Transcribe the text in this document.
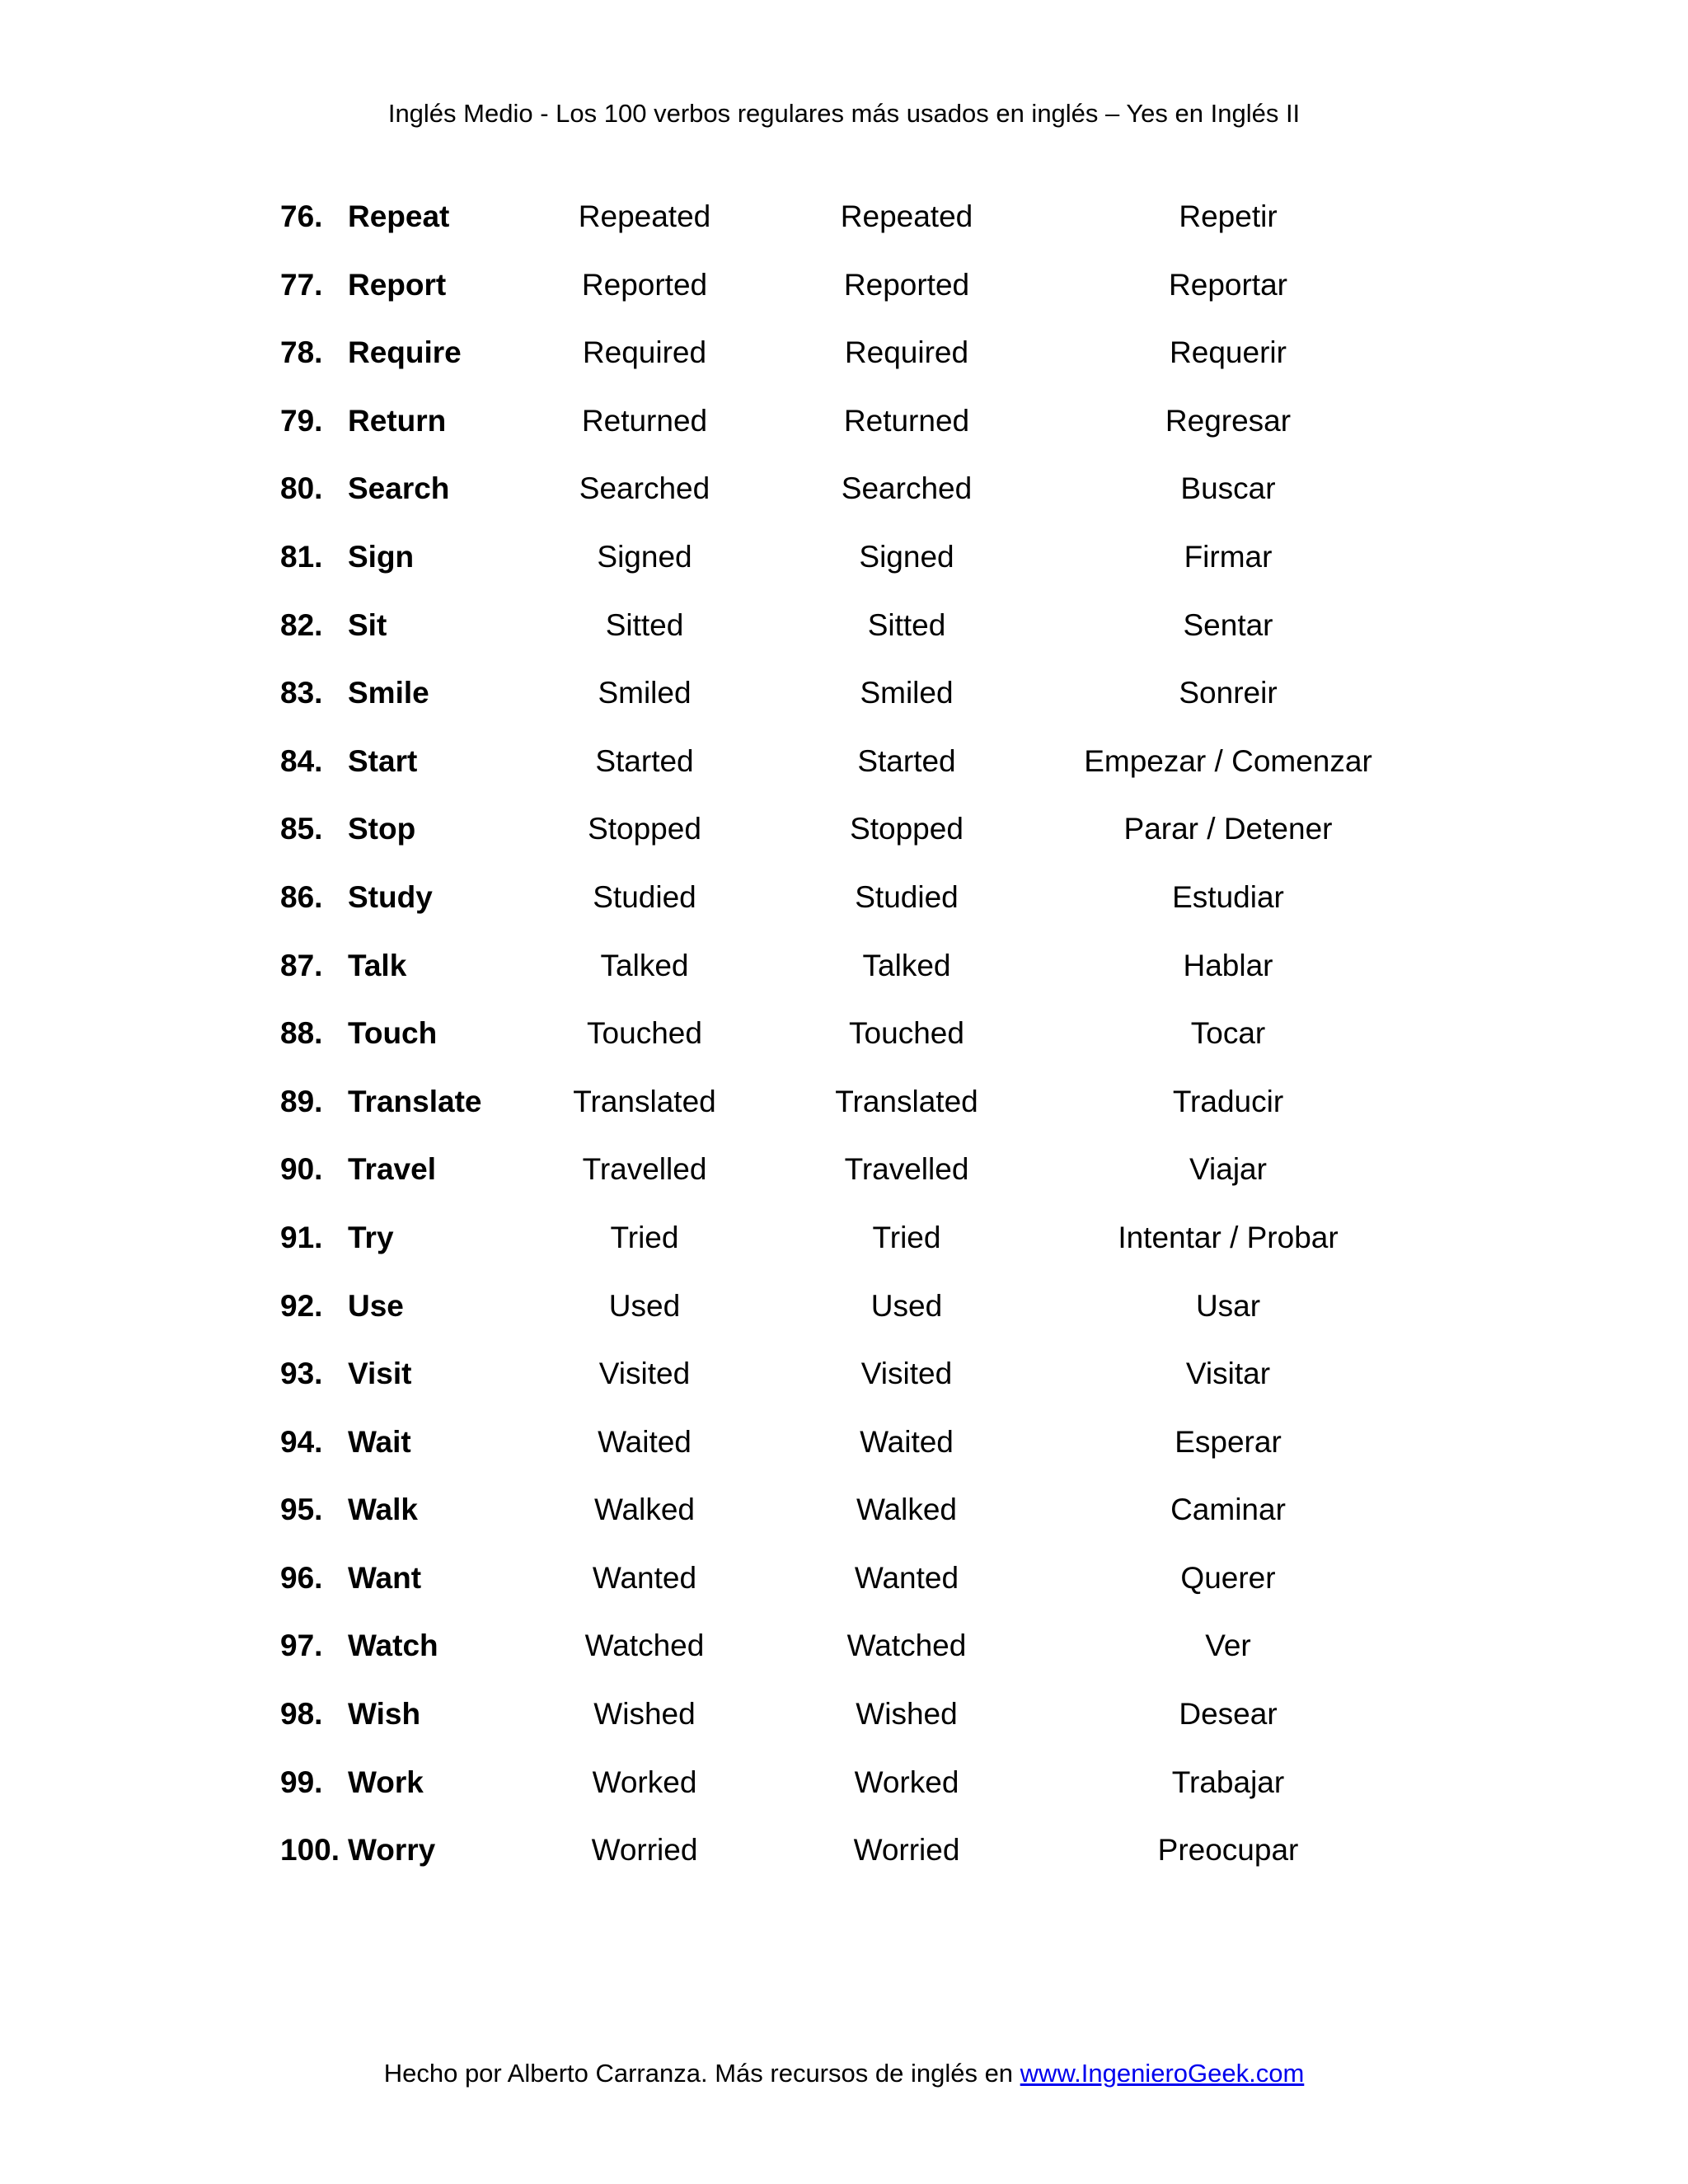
Inglés Medio - Los 100 verbos regulares más usados en inglés – Yes en Inglés II
76. Repeat	Repeated	Repeated	Repetir
77. Report	Reported	Reported	Reportar
78. Require	Required	Required	Requerir
79. Return	Returned	Returned	Regresar
80. Search	Searched	Searched	Buscar
81. Sign	Signed	Signed	Firmar
82. Sit	Sitted	Sitted	Sentar
83. Smile	Smiled	Smiled	Sonreir
84. Start	Started	Started	Empezar / Comenzar
85. Stop	Stopped	Stopped	Parar / Detener
86. Study	Studied	Studied	Estudiar
87. Talk	Talked	Talked	Hablar
88. Touch	Touched	Touched	Tocar
89. Translate	Translated	Translated	Traducir
90. Travel	Travelled	Travelled	Viajar
91. Try	Tried	Tried	Intentar / Probar
92. Use	Used	Used	Usar
93. Visit	Visited	Visited	Visitar
94. Wait	Waited	Waited	Esperar
95. Walk	Walked	Walked	Caminar
96. Want	Wanted	Wanted	Querer
97. Watch	Watched	Watched	Ver
98. Wish	Wished	Wished	Desear
99. Work	Worked	Worked	Trabajar
100. Worry	Worried	Worried	Preocupar
Hecho por Alberto Carranza. Más recursos de inglés en www.IngenieroGeek.com
